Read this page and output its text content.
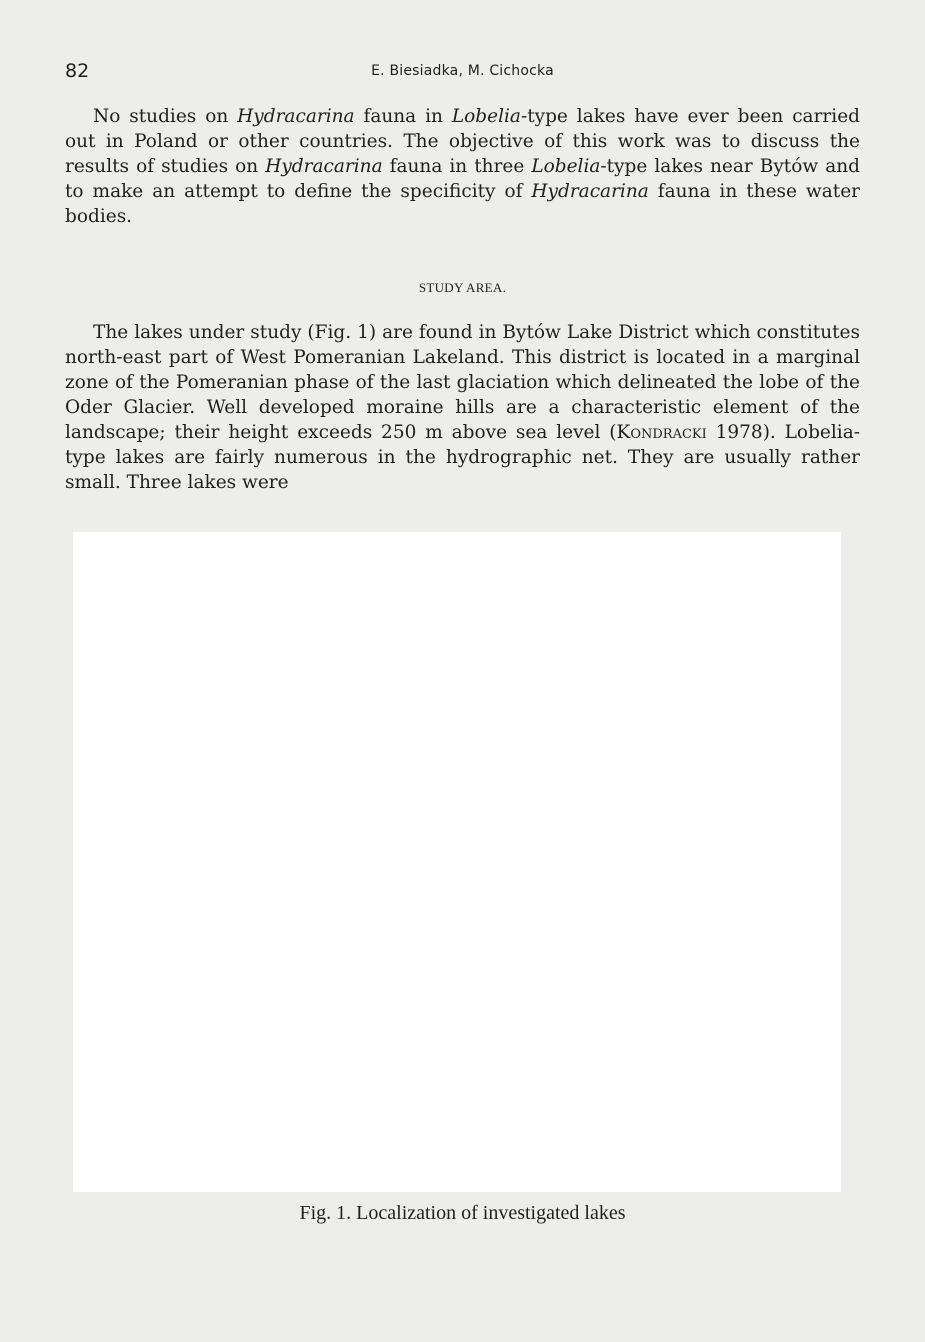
82	E. Biesiadka, M. Cichocka

No studies on Hydracarina fauna in Lobelia-type lakes have ever been carried out in Poland or other countries. The objective of this work was to discuss the results of studies on Hydracarina fauna in three Lobelia-type lakes near Bytów and to make an attempt to define the specificity of Hydracarina fauna in these water bodies.

STUDY AREA.

The lakes under study (Fig. 1) are found in Bytów Lake District which constitutes north-east part of West Pomeranian Lakeland. This district is located in a marginal zone of the Pomeranian phase of the last glaciation which delineated the lobe of the Oder Glacier. Well developed moraine hills are a characteristic element of the landscape; their height exceeds 250 m above sea level (Kondracki 1978). Lobelia-type lakes are fairly numerous in the hydrographic net. They are usually rather small. Three lakes were

Fig. 1. Localization of investigated lakes
